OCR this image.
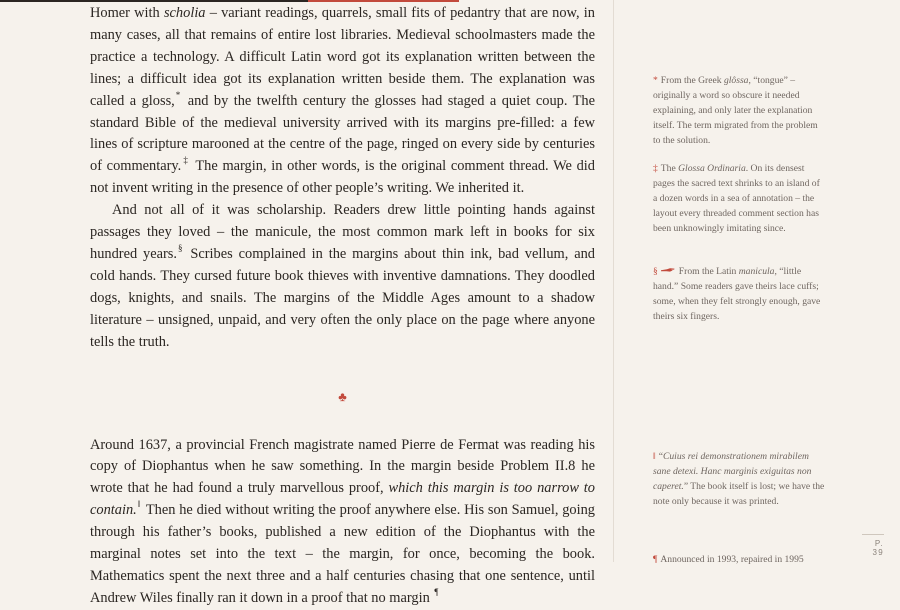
Homer with scholia – variant readings, quarrels, small fits of pedantry that are now, in many cases, all that remains of entire lost libraries. Medieval schoolmasters made the practice a technology. A difficult Latin word got its explanation written between the lines; a difficult idea got its explanation written beside them. The explanation was called a gloss,* and by the twelfth century the glosses had staged a quiet coup. The standard Bible of the medieval university arrived with its margins pre-filled: a few lines of scripture marooned at the centre of the page, ringed on every side by centuries of commentary.‡ The margin, in other words, is the original comment thread. We did not invent writing in the presence of other people’s writing. We inherited it.

And not all of it was scholarship. Readers drew little pointing hands against passages they loved – the manicule, the most common mark left in books for six hundred years.§ Scribes complained in the margins about thin ink, bad vellum, and cold hands. They cursed future book thieves with inventive damnations. They doodled dogs, knights, and snails. The margins of the Middle Ages amount to a shadow literature – unsigned, unpaid, and very often the only place on the page where anyone tells the truth.

♣

Around 1637, a provincial French magistrate named Pierre de Fermat was reading his copy of Diophantus when he saw something. In the margin beside Problem II.8 he wrote that he had found a truly marvellous proof, which this margin is too narrow to contain.‖ Then he died without writing the proof anywhere else. His son Samuel, going through his father’s books, published a new edition of the Diophantus with the marginal notes set into the text – the margin, for once, becoming the book. Mathematics spent the next three and a half centuries chasing that one sentence, until Andrew Wiles finally ran it down in a proof that no margin ¶

* From the Greek glôssa, “tongue” – originally a word so obscure it needed explaining, and only later the explanation itself. The term migrated from the problem to the solution.
‡ The Glossa Ordinaria. On its densest pages the sacred text shrinks to an island of a dozen words in a sea of annotation – the layout every threaded comment section has been unknowingly imitating since.
§ From the Latin manicula, “little hand.” Some readers gave theirs lace cuffs; some, when they felt strongly enough, gave theirs six fingers.
‖ “Cuius rei demonstrationem mirabilem sane detexi. Hanc marginis exiguitas non caperet.” The book itself is lost; we have the note only because it was printed.
¶ Announced in 1993, repaired in 1995
P. 39
